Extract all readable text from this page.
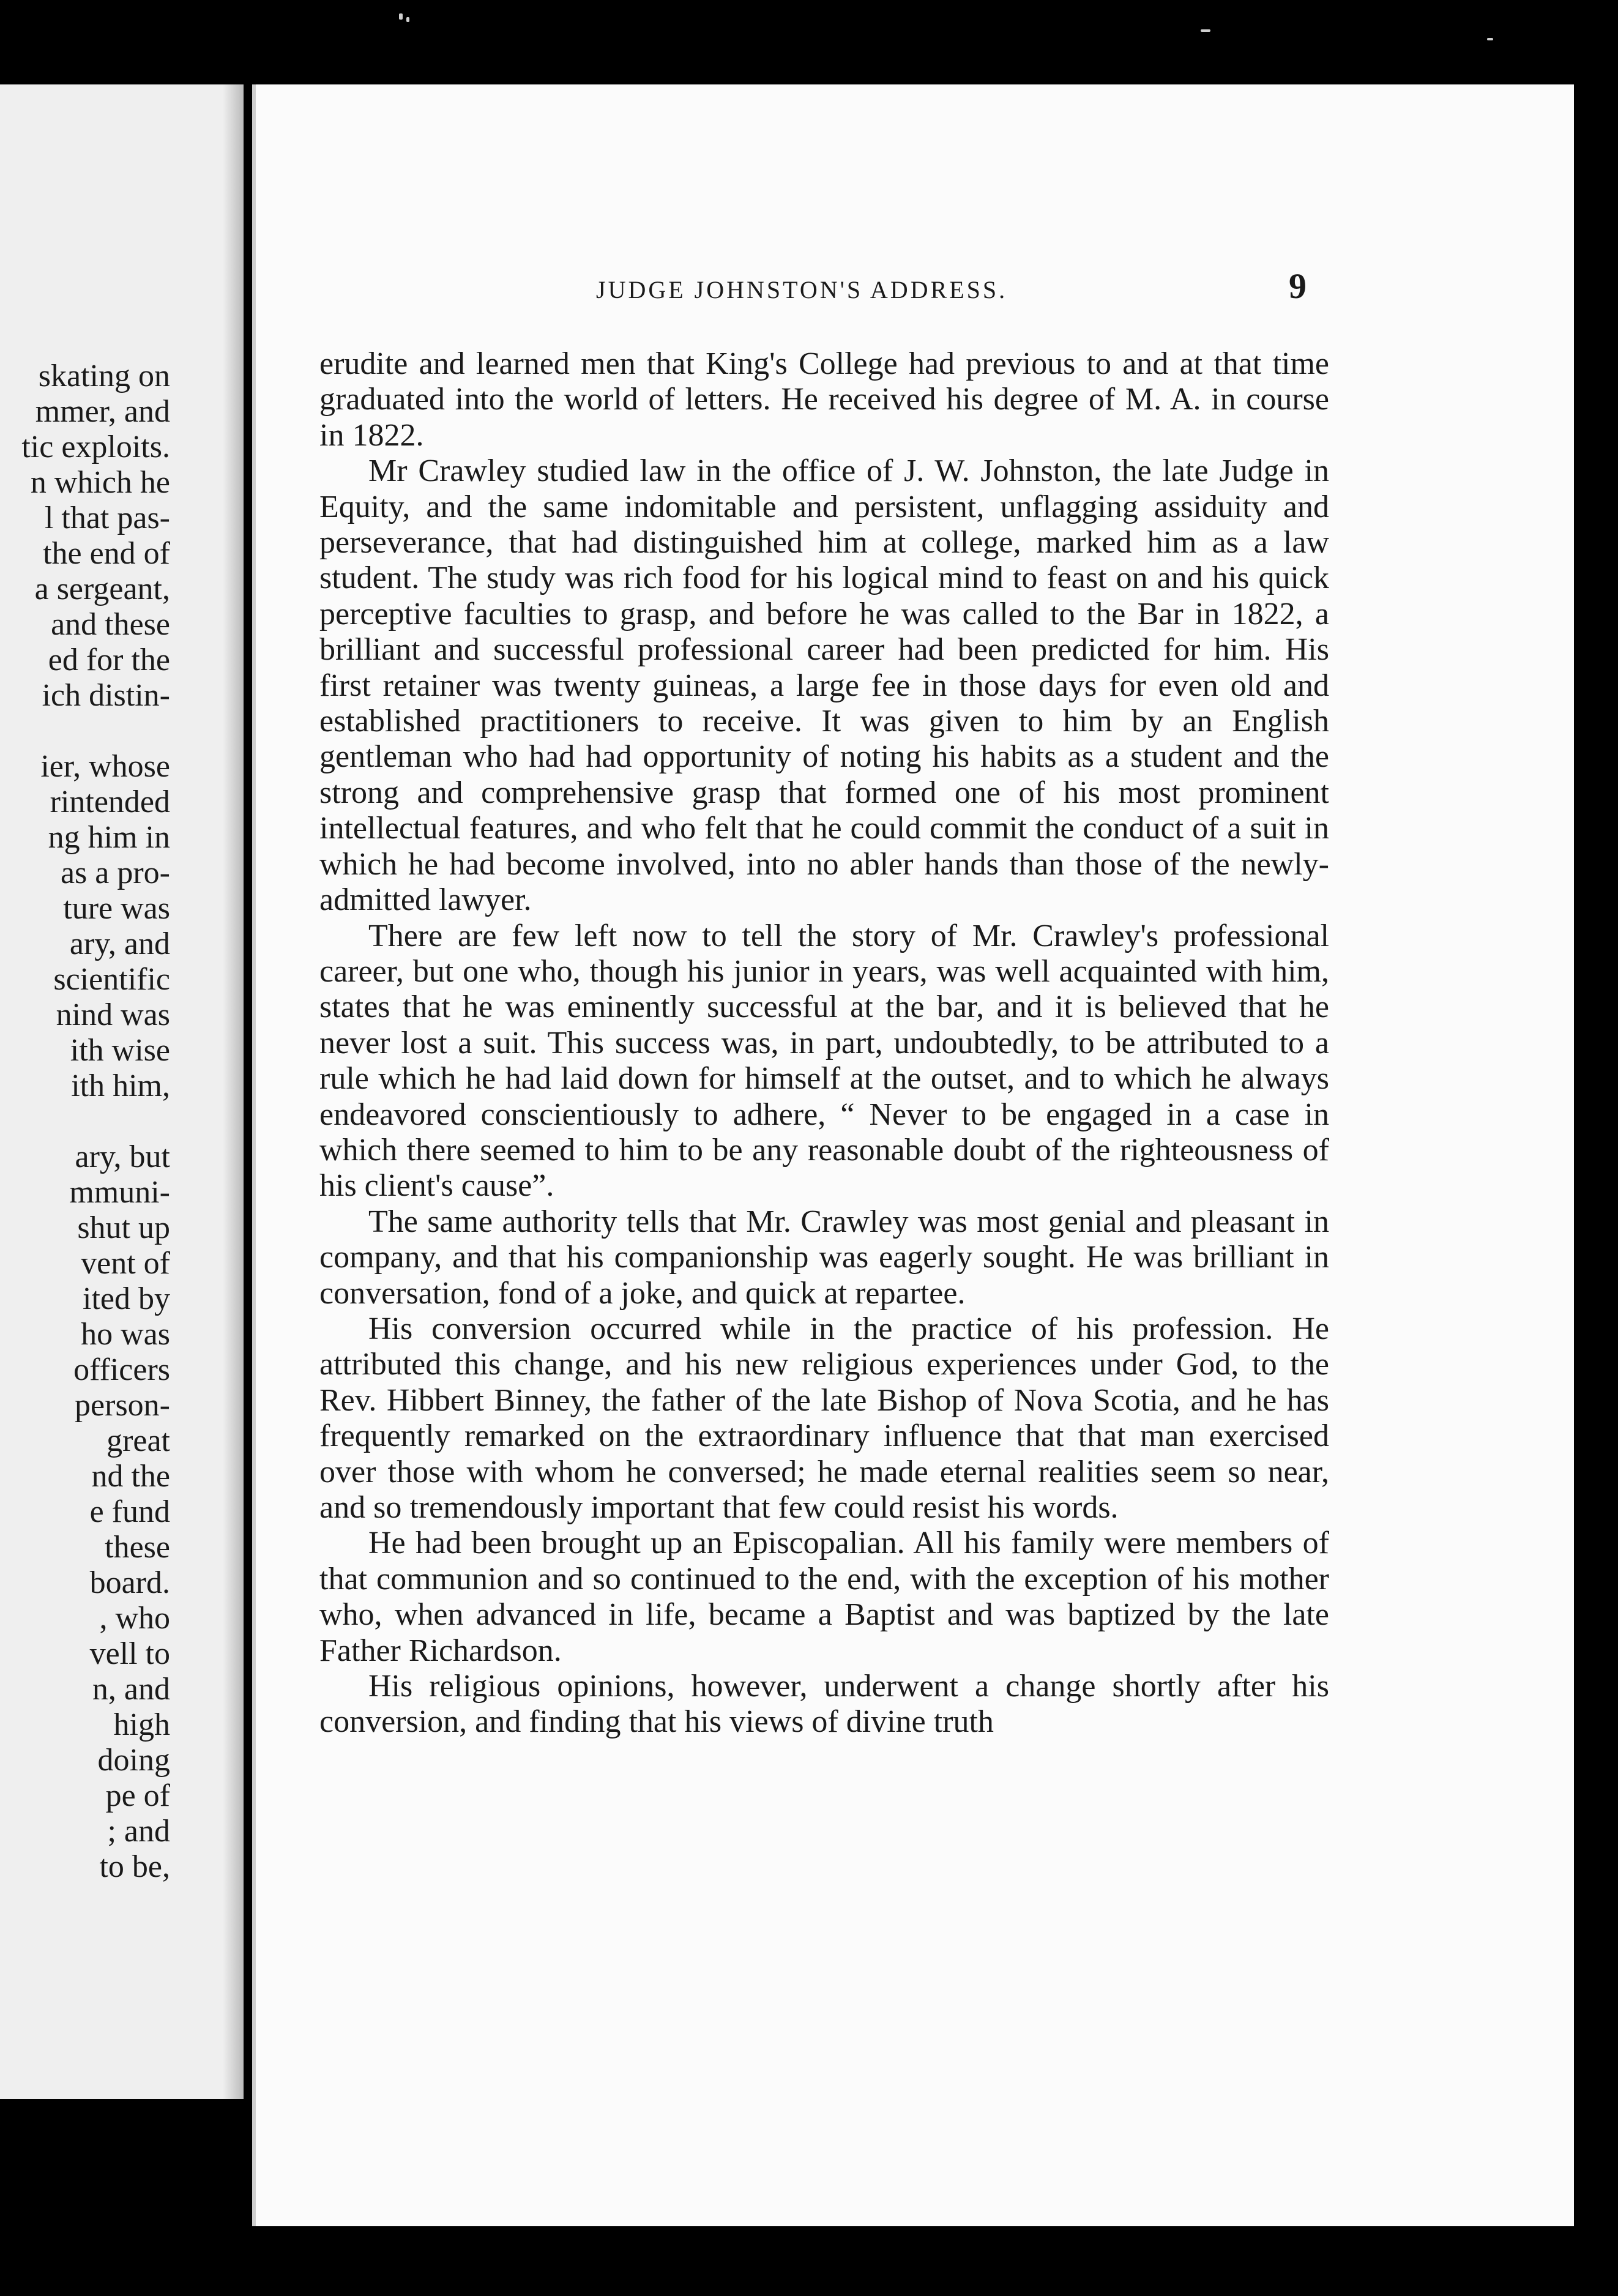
skating on
mmer, and
tic exploits.
n which he
l that pas-
the end of
a sergeant,
and these
ed for the
ich distin-
ier, whose
rintended
ng him in
as a pro-
ture was
ary, and
scientific
nind was
ith wise
ith him,
ary, but
mmuni-
shut up
vent of
ited by
ho was
officers
person-
great
nd the
e fund
these
board.
, who
vell to
n, and
high
doing
pe of
; and
to be,
JUDGE JOHNSTON'S ADDRESS.	9

erudite and learned men that King's College had previous to and at that time graduated into the world of letters. He received his degree of M. A. in course in 1822.

Mr Crawley studied law in the office of J. W. Johnston, the late Judge in Equity, and the same indomitable and persistent, unflagging assiduity and perseverance, that had distinguished him at college, marked him as a law student. The study was rich food for his logical mind to feast on and his quick perceptive faculties to grasp, and before he was called to the Bar in 1822, a brilliant and successful professional career had been predicted for him. His first retainer was twenty guineas, a large fee in those days for even old and established practitioners to receive. It was given to him by an English gentleman who had had opportunity of noting his habits as a student and the strong and comprehensive grasp that formed one of his most prominent intellectual features, and who felt that he could commit the conduct of a suit in which he had become involved, into no abler hands than those of the newly-admitted lawyer.

There are few left now to tell the story of Mr. Crawley's professional career, but one who, though his junior in years, was well acquainted with him, states that he was eminently successful at the bar, and it is believed that he never lost a suit. This success was, in part, undoubtedly, to be attributed to a rule which he had laid down for himself at the outset, and to which he always endeavored conscientiously to adhere, “ Never to be engaged in a case in which there seemed to him to be any reasonable doubt of the righteousness of his client's cause”.

The same authority tells that Mr. Crawley was most genial and pleasant in company, and that his companionship was eagerly sought. He was brilliant in conversation, fond of a joke, and quick at repartee.

His conversion occurred while in the practice of his profession. He attributed this change, and his new religious experiences under God, to the Rev. Hibbert Binney, the father of the late Bishop of Nova Scotia, and he has frequently remarked on the extraordinary influence that that man exercised over those with whom he conversed; he made eternal realities seem so near, and so tremendously important that few could resist his words.

He had been brought up an Episcopalian. All his family were members of that communion and so continued to the end, with the exception of his mother who, when advanced in life, became a Baptist and was baptized by the late Father Richardson.

His religious opinions, however, underwent a change shortly after his conversion, and finding that his views of divine truth
